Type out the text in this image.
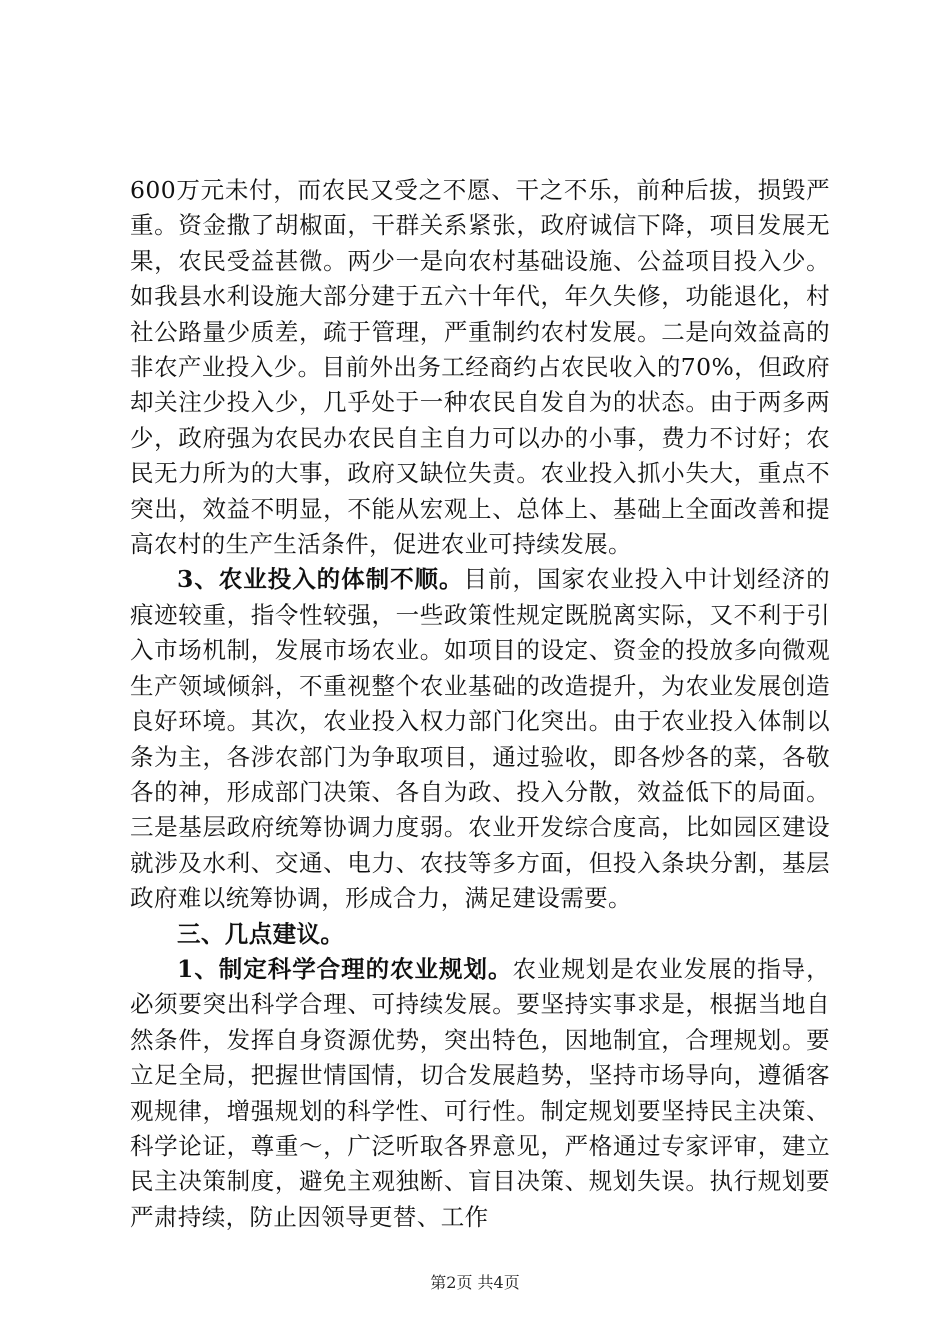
600万元未付，而农民又受之不愿、干之不乐，前种后拔，损毁严重。资金撒了胡椒面，干群关系紧张，政府诚信下降，项目发展无果，农民受益甚微。两少一是向农村基础设施、公益项目投入少。如我县水利设施大部分建于五六十年代，年久失修，功能退化，村社公路量少质差，疏于管理，严重制约农村发展。二是向效益高的非农产业投入少。目前外出务工经商约占农民收入的70%，但政府却关注少投入少，几乎处于一种农民自发自为的状态。由于两多两少，政府强为农民办农民自主自力可以办的小事，费力不讨好；农民无力所为的大事，政府又缺位失责。农业投入抓小失大，重点不突出，效益不明显，不能从宏观上、总体上、基础上全面改善和提高农村的生产生活条件，促进农业可持续发展。

3、农业投入的体制不顺。目前，国家农业投入中计划经济的痕迹较重，指令性较强，一些政策性规定既脱离实际，又不利于引入市场机制，发展市场农业。如项目的设定、资金的投放多向微观生产领域倾斜，不重视整个农业基础的改造提升，为农业发展创造良好环境。其次，农业投入权力部门化突出。由于农业投入体制以条为主，各涉农部门为争取项目，通过验收，即各炒各的菜，各敬各的神，形成部门决策、各自为政、投入分散，效益低下的局面。三是基层政府统筹协调力度弱。农业开发综合度高，比如园区建设就涉及水利、交通、电力、农技等多方面，但投入条块分割，基层政府难以统筹协调，形成合力，满足建设需要。

三、几点建议。

1、制定科学合理的农业规划。农业规划是农业发展的指导，必须要突出科学合理、可持续发展。要坚持实事求是，根据当地自然条件，发挥自身资源优势，突出特色，因地制宜，合理规划。要立足全局，把握世情国情，切合发展趋势，坚持市场导向，遵循客观规律，增强规划的科学性、可行性。制定规划要坚持民主决策、科学论证，尊重～，广泛听取各界意见，严格通过专家评审，建立民主决策制度，避免主观独断、盲目决策、规划失误。执行规划要严肃持续，防止因领导更替、工作

第2页 共4页
